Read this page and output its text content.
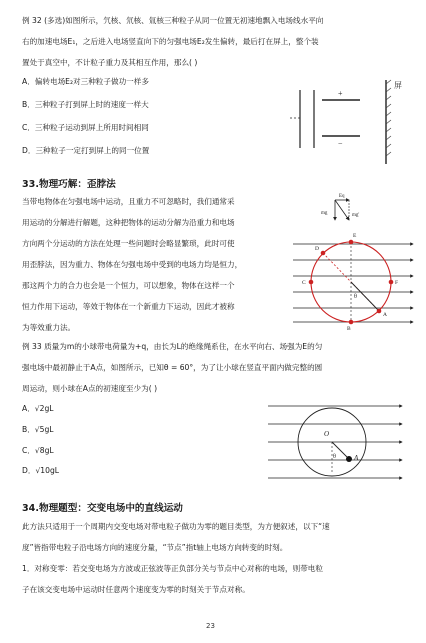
例 32 (多选)如图所示，氕核、氘核、氚核三种粒子从同一位置无初速地飘入电场线水平向
右的加速电场E₁，之后进入电场竖直向下的匀强电场E₂发生偏转，最后打在屏上，整个装
置处于真空中，不计粒子重力及其相互作用，那么( )
A．偏转电场E₂对三种粒子做功一样多
B．三种粒子打到屏上时的速度一样大
C．三种粒子运动到屏上所用时间相同
D．三种粒子一定打到屏上的同一位置
+
−
屏
33.物理巧解：歪脖法
当带电物体在匀强电场中运动，且重力不可忽略时，我们通常采
用运动的分解进行解题，这种把物体的运动分解为沿重力和电场
方向两个分运动的方法在处理一些问题时会略显繁琐，此时可使
用歪脖法，因为重力、物体在匀强电场中受到的电场力均是恒力，
那这两个力的合力也会是一个恒力，可以想象，物体在这样一个
恒力作用下运动，等效于物体在一个新重力下运动，因此才被称
为等效重力法。
Eq
mg	mg'
D
E
C	F
B
A
θ
例 33 质量为m的小球带电荷量为+q，由长为L的绝缘绳系住，在水平向右、场强为E的匀
强电场中最初静止于A点，如图所示，已知θ = 60°，为了让小球在竖直平面内做完整的圆
周运动，则小球在A点的初速度至少为( )
A．√2gL
B．√5gL
C．√8gL
D．√10gL
O
A
θ
34.物理题型：交变电场中的直线运动
此方法只适用于一个周期内交变电场对带电粒子做功为零的题目类型，为方便叙述，以下“速
度”皆指带电粒子沿电场方向的速度分量，“节点”指t轴上电场方向转变的时刻。
1．对称变零：若交变电场为方波或正弦波等正负部分关与节点中心对称的电场，则带电粒
子在该交变电场中运动时任意两个速度变为零的时刻关于节点对称。
23
